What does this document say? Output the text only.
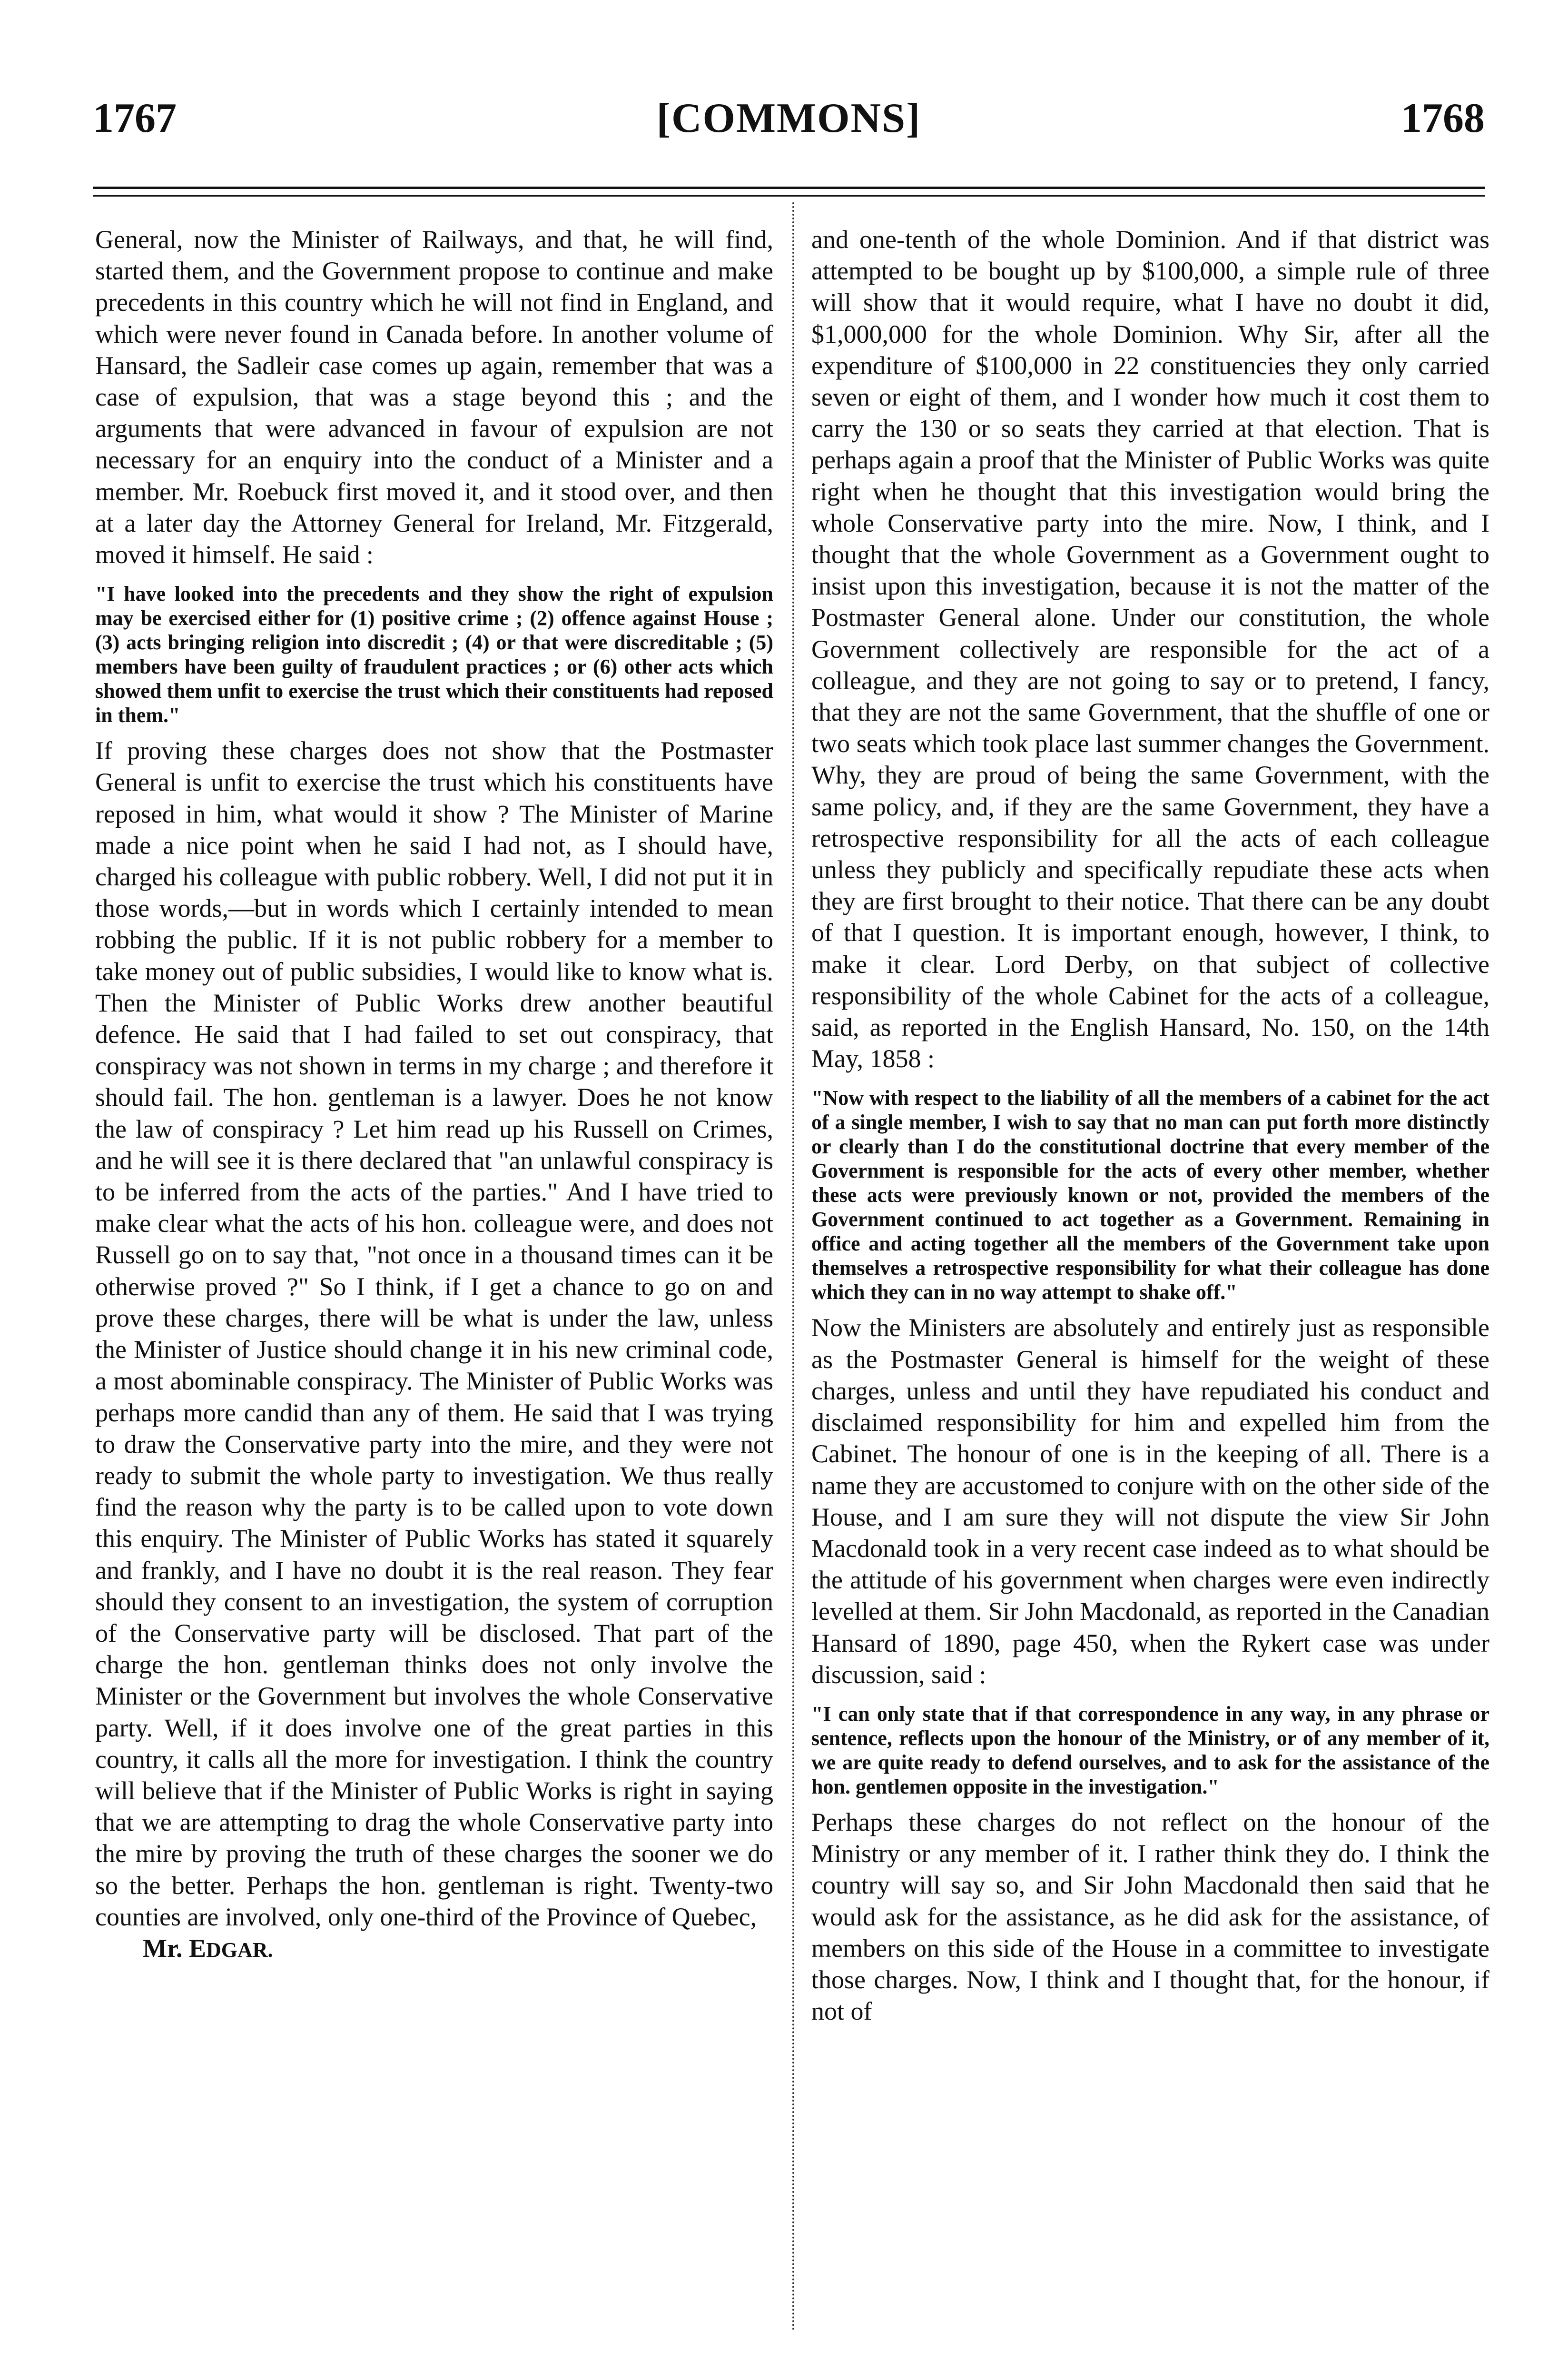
1767	[COMMONS]	1768

General, now the Minister of Railways, and that, he will find, started them, and the Government propose to continue and make precedents in this country which he will not find in England, and which were never found in Canada before. In another volume of Hansard, the Sadleir case comes up again, remember that was a case of expulsion, that was a stage beyond this ; and the arguments that were advanced in favour of expulsion are not necessary for an enquiry into the conduct of a Minister and a member. Mr. Roebuck first moved it, and it stood over, and then at a later day the Attorney General for Ireland, Mr. Fitzgerald, moved it himself. He said :

"I have looked into the precedents and they show the right of expulsion may be exercised either for (1) positive crime ; (2) offence against House ; (3) acts bringing religion into discredit ; (4) or that were discreditable ; (5) members have been guilty of fraudulent practices ; or (6) other acts which showed them unfit to exercise the trust which their constituents had reposed in them."

If proving these charges does not show that the Postmaster General is unfit to exercise the trust which his constituents have reposed in him, what would it show ? The Minister of Marine made a nice point when he said I had not, as I should have, charged his colleague with public robbery. Well, I did not put it in those words,—but in words which I certainly intended to mean robbing the public. If it is not public robbery for a member to take money out of public subsidies, I would like to know what is. Then the Minister of Public Works drew another beautiful defence. He said that I had failed to set out conspiracy, that conspiracy was not shown in terms in my charge ; and therefore it should fail. The hon. gentleman is a lawyer. Does he not know the law of conspiracy ? Let him read up his Russell on Crimes, and he will see it is there declared that "an unlawful conspiracy is to be inferred from the acts of the parties." And I have tried to make clear what the acts of his hon. colleague were, and does not Russell go on to say that, "not once in a thousand times can it be otherwise proved ?" So I think, if I get a chance to go on and prove these charges, there will be what is under the law, unless the Minister of Justice should change it in his new criminal code, a most abominable conspiracy. The Minister of Public Works was perhaps more candid than any of them. He said that I was trying to draw the Conservative party into the mire, and they were not ready to submit the whole party to investigation. We thus really find the reason why the party is to be called upon to vote down this enquiry. The Minister of Public Works has stated it squarely and frankly, and I have no doubt it is the real reason. They fear should they consent to an investigation, the system of corruption of the Conservative party will be disclosed. That part of the charge the hon. gentleman thinks does not only involve the Minister or the Government but involves the whole Conservative party. Well, if it does involve one of the great parties in this country, it calls all the more for investigation. I think the country will believe that if the Minister of Public Works is right in saying that we are attempting to drag the whole Conservative party into the mire by proving the truth of these charges the sooner we do so the better. Perhaps the hon. gentleman is right. Twenty-two counties are involved, only one-third of the Province of Quebec,

Mr. EDGAR.

and one-tenth of the whole Dominion. And if that district was attempted to be bought up by $100,000, a simple rule of three will show that it would require, what I have no doubt it did, $1,000,000 for the whole Dominion. Why Sir, after all the expenditure of $100,000 in 22 constituencies they only carried seven or eight of them, and I wonder how much it cost them to carry the 130 or so seats they carried at that election. That is perhaps again a proof that the Minister of Public Works was quite right when he thought that this investigation would bring the whole Conservative party into the mire. Now, I think, and I thought that the whole Government as a Government ought to insist upon this investigation, because it is not the matter of the Postmaster General alone. Under our constitution, the whole Government collectively are responsible for the act of a colleague, and they are not going to say or to pretend, I fancy, that they are not the same Government, that the shuffle of one or two seats which took place last summer changes the Government. Why, they are proud of being the same Government, with the same policy, and, if they are the same Government, they have a retrospective responsibility for all the acts of each colleague unless they publicly and specifically repudiate these acts when they are first brought to their notice. That there can be any doubt of that I question. It is important enough, however, I think, to make it clear. Lord Derby, on that subject of collective responsibility of the whole Cabinet for the acts of a colleague, said, as reported in the English Hansard, No. 150, on the 14th May, 1858 :

"Now with respect to the liability of all the members of a cabinet for the act of a single member, I wish to say that no man can put forth more distinctly or clearly than I do the constitutional doctrine that every member of the Government is responsible for the acts of every other member, whether these acts were previously known or not, provided the members of the Government continued to act together as a Government. Remaining in office and acting together all the members of the Government take upon themselves a retrospective responsibility for what their colleague has done which they can in no way attempt to shake off."

Now the Ministers are absolutely and entirely just as responsible as the Postmaster General is himself for the weight of these charges, unless and until they have repudiated his conduct and disclaimed responsibility for him and expelled him from the Cabinet. The honour of one is in the keeping of all. There is a name they are accustomed to conjure with on the other side of the House, and I am sure they will not dispute the view Sir John Macdonald took in a very recent case indeed as to what should be the attitude of his government when charges were even indirectly levelled at them. Sir John Macdonald, as reported in the Canadian Hansard of 1890, page 450, when the Rykert case was under discussion, said :

"I can only state that if that correspondence in any way, in any phrase or sentence, reflects upon the honour of the Ministry, or of any member of it, we are quite ready to defend ourselves, and to ask for the assistance of the hon. gentlemen opposite in the investigation."

Perhaps these charges do not reflect on the honour of the Ministry or any member of it. I rather think they do. I think the country will say so, and Sir John Macdonald then said that he would ask for the assistance, as he did ask for the assistance, of members on this side of the House in a committee to investigate those charges. Now, I think and I thought that, for the honour, if not of
